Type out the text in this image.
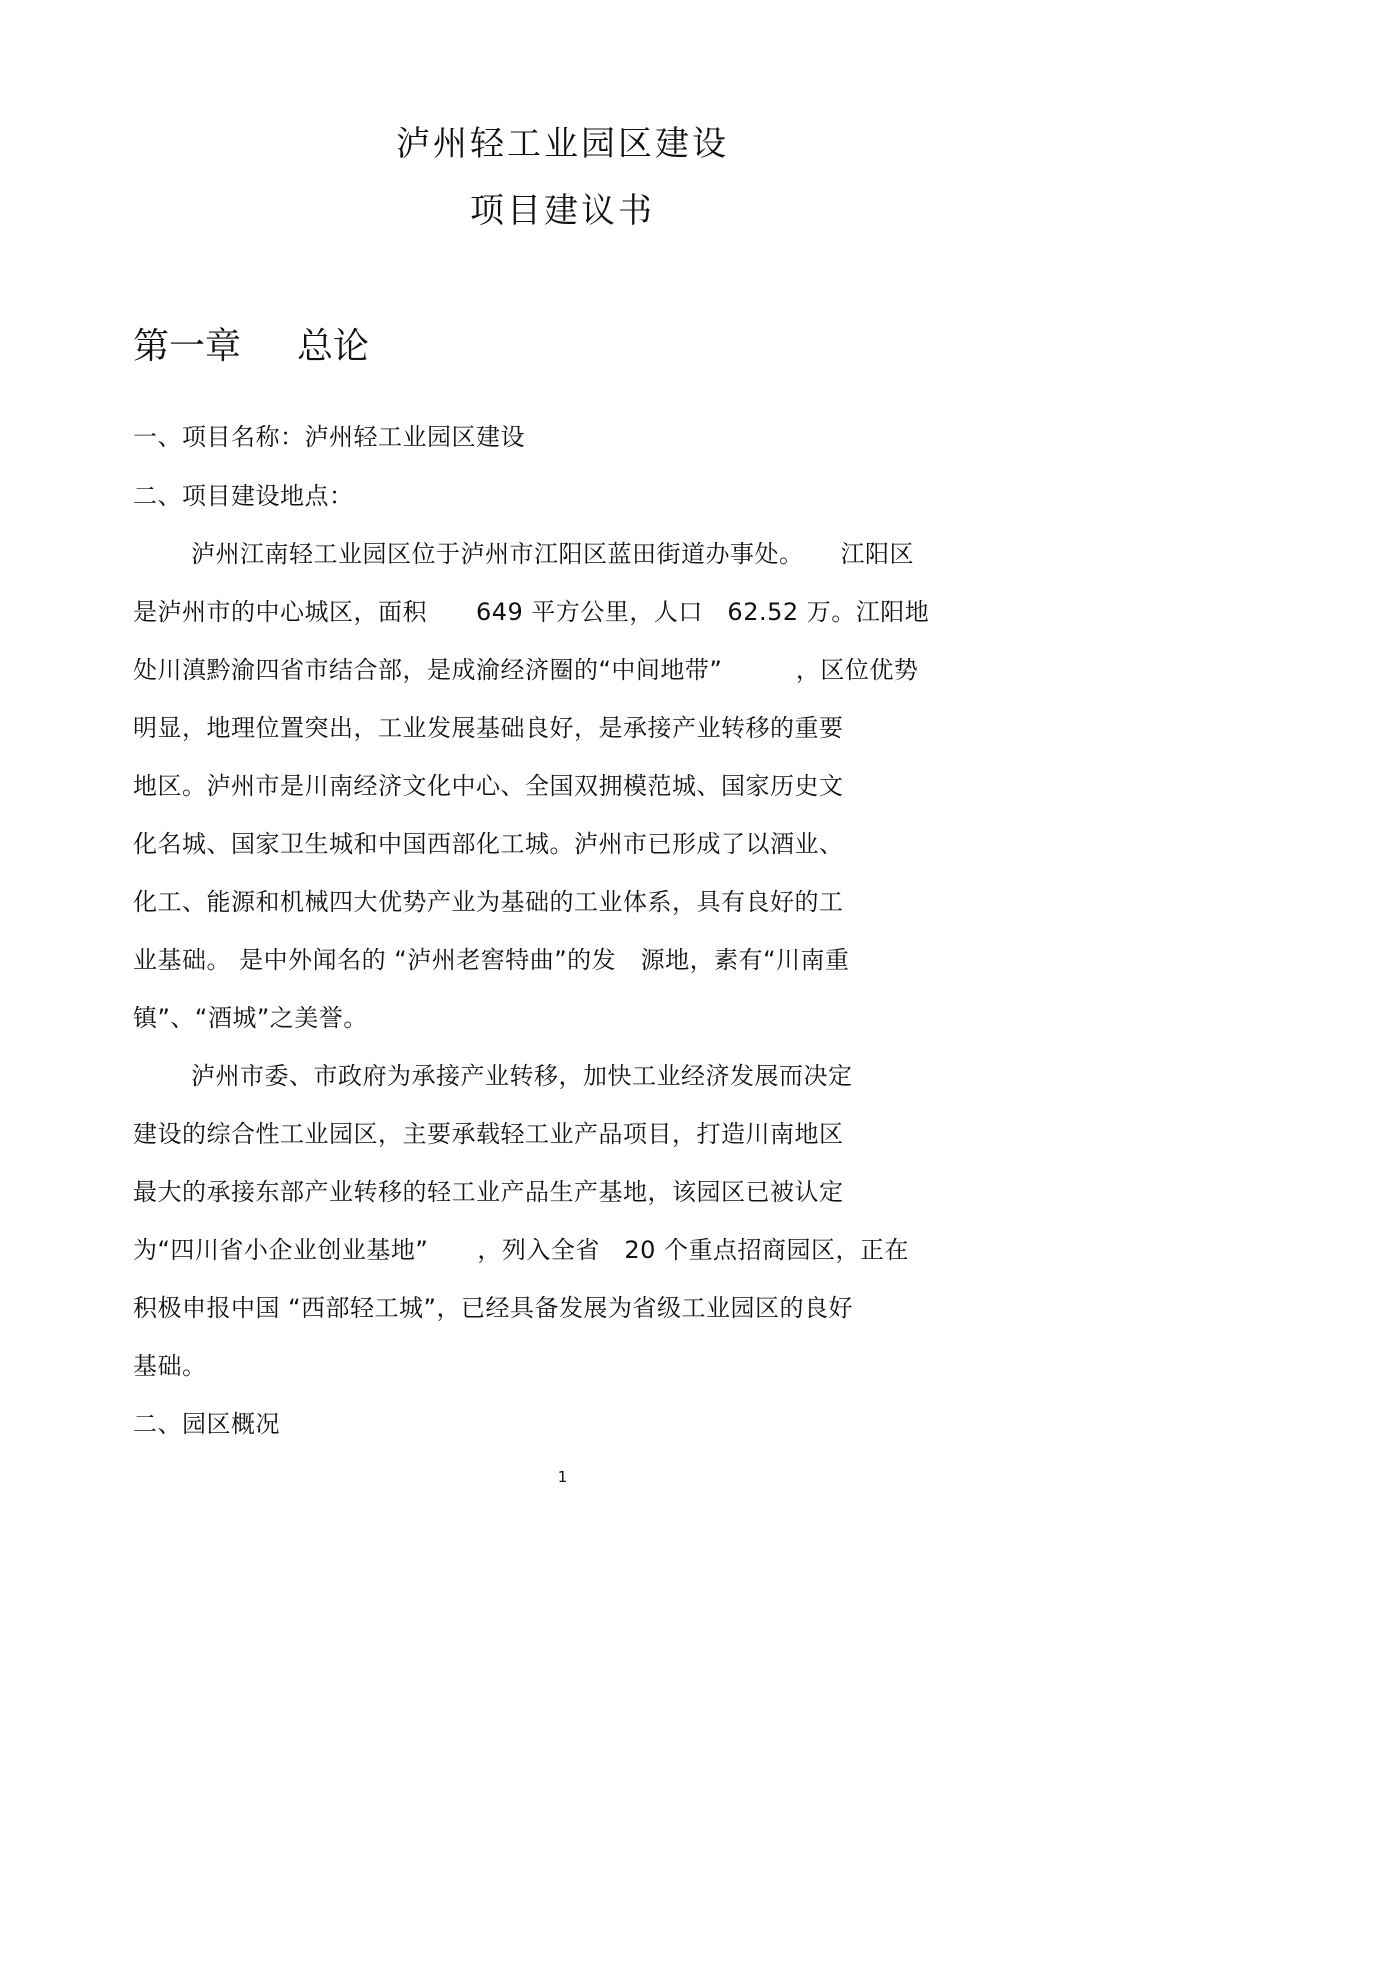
泸州轻工业园区建设
项目建议书
第一章 总论

一、项目名称：泸州轻工业园区建设

二、项目建设地点：

泸州江南轻工业园区位于泸州市江阳区蓝田街道办事处。　　江阳区

是泸州市的中心城区，面积　　649 平方公里，人口　62.52 万。江阳地

处川滇黔渝四省市结合部，是成渝经济圈的“中间地带”　　　，区位优势

明显，地理位置突出，工业发展基础良好，是承接产业转移的重要

地区。泸州市是川南经济文化中心、全国双拥模范城、国家历史文

化名城、国家卫生城和中国西部化工城。泸州市已形成了以酒业、

化工、能源和机械四大优势产业为基础的工业体系，具有良好的工

业基础。 是中外闻名的 “泸州老窖特曲”的发　源地，素有“川南重

镇”、“酒城”之美誉。

泸州市委、市政府为承接产业转移，加快工业经济发展而决定

建设的综合性工业园区，主要承载轻工业产品项目，打造川南地区

最大的承接东部产业转移的轻工业产品生产基地，该园区已被认定

为“四川省小企业创业基地”　　，列入全省　20 个重点招商园区，正在

积极申报中国 “西部轻工城”，已经具备发展为省级工业园区的良好

基础。

二、园区概况

1
